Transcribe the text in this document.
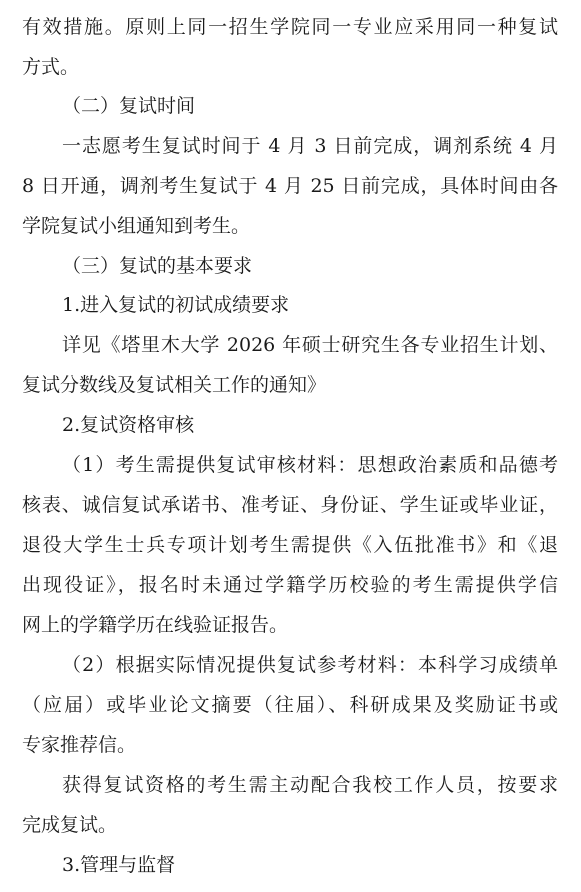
有效措施。原则上同一招生学院同一专业应采用同一种复试
方式。
（二）复试时间
一志愿考生复试时间于 4 月 3 日前完成，调剂系统 4 月
8 日开通，调剂考生复试于 4 月 25 日前完成，具体时间由各
学院复试小组通知到考生。
（三）复试的基本要求
1.进入复试的初试成绩要求
详见《塔里木大学 2026 年硕士研究生各专业招生计划、
复试分数线及复试相关工作的通知》
2.复试资格审核
（1）考生需提供复试审核材料：思想政治素质和品德考
核表、诚信复试承诺书、准考证、身份证、学生证或毕业证，
退役大学生士兵专项计划考生需提供《入伍批准书》和《退
出现役证》，报名时未通过学籍学历校验的考生需提供学信
网上的学籍学历在线验证报告。
（2）根据实际情况提供复试参考材料：本科学习成绩单
（应届）或毕业论文摘要（往届）、科研成果及奖励证书或
专家推荐信。
获得复试资格的考生需主动配合我校工作人员，按要求
完成复试。
3.管理与监督
